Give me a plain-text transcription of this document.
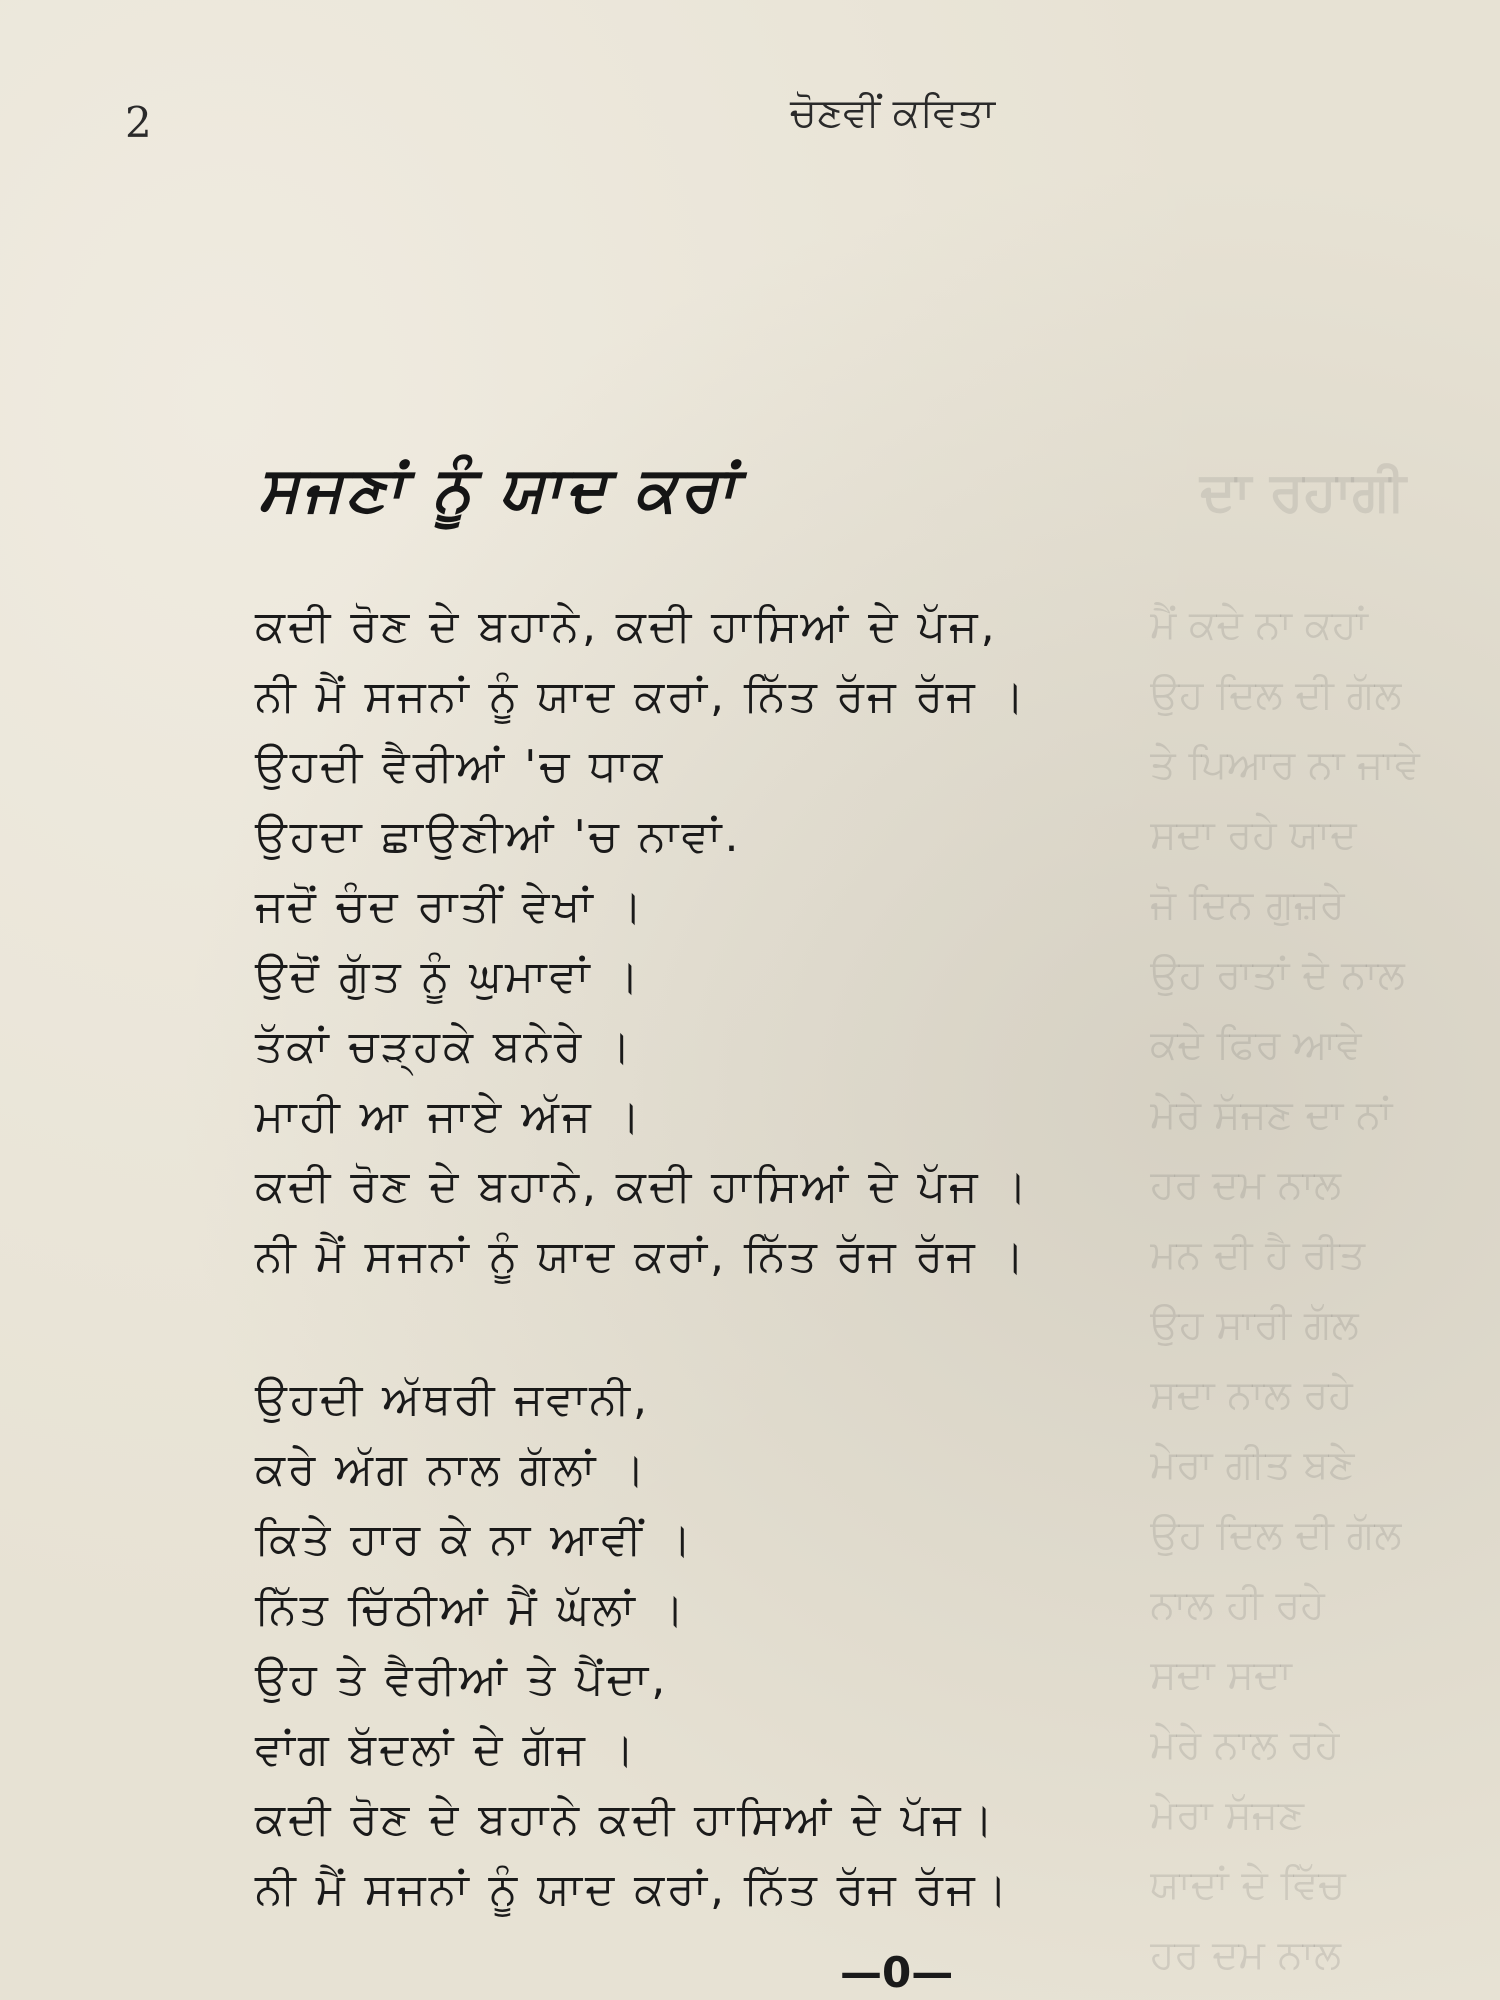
ਦਾ ਰਹਾਗੀ
ਮੈਂ ਕਦੇ ਨਾ ਕਹਾਂ
ਉਹ ਦਿਲ ਦੀ ਗੱਲ
ਤੇ ਪਿਆਰ ਨਾ ਜਾਵੇ
ਸਦਾ ਰਹੇ ਯਾਦ
ਜੋ ਦਿਨ ਗੁਜ਼ਰੇ
ਉਹ ਰਾਤਾਂ ਦੇ ਨਾਲ
ਕਦੇ ਫਿਰ ਆਵੇ
ਮੇਰੇ ਸੱਜਣ ਦਾ ਨਾਂ
ਹਰ ਦਮ ਨਾਲ
ਮਨ ਦੀ ਹੈ ਰੀਤ
ਉਹ ਸਾਰੀ ਗੱਲ
ਸਦਾ ਨਾਲ ਰਹੇ
ਮੇਰਾ ਗੀਤ ਬਣੇ
ਉਹ ਦਿਲ ਦੀ ਗੱਲ
ਨਾਲ ਹੀ ਰਹੇ
ਸਦਾ ਸਦਾ
ਮੇਰੇ ਨਾਲ ਰਹੇ
ਮੇਰਾ ਸੱਜਣ
ਯਾਦਾਂ ਦੇ ਵਿੱਚ
ਹਰ ਦਮ ਨਾਲ
2	ਚੋਣਵੀਂ ਕਵਿਤਾ
ਸਜਣਾਂ ਨੂੰ ਯਾਦ ਕਰਾਂ
ਕਦੀ ਰੋਣ ਦੇ ਬਹਾਨੇ, ਕਦੀ ਹਾਸਿਆਂ ਦੇ ਪੱਜ,
ਨੀ ਮੈਂ ਸਜਨਾਂ ਨੂੰ ਯਾਦ ਕਰਾਂ, ਨਿੱਤ ਰੱਜ ਰੱਜ ।
ਉਹਦੀ ਵੈਰੀਆਂ 'ਚ ਧਾਕ
ਉਹਦਾ ਛਾਉਣੀਆਂ 'ਚ ਨਾਵਾਂ.
ਜਦੋਂ ਚੰਦ ਰਾਤੀਂ ਵੇਖਾਂ ।
ਉਦੋਂ ਗੁੱਤ ਨੂੰ ਘੁਮਾਵਾਂ ।
ਤੱਕਾਂ ਚੜ੍ਹਕੇ ਬਨੇਰੇ ।
ਮਾਹੀ ਆ ਜਾਏ ਅੱਜ ।
ਕਦੀ ਰੋਣ ਦੇ ਬਹਾਨੇ, ਕਦੀ ਹਾਸਿਆਂ ਦੇ ਪੱਜ ।
ਨੀ ਮੈਂ ਸਜਨਾਂ ਨੂੰ ਯਾਦ ਕਰਾਂ, ਨਿੱਤ ਰੱਜ ਰੱਜ ।
ਉਹਦੀ ਅੱਥਰੀ ਜਵਾਨੀ,
ਕਰੇ ਅੱਗ ਨਾਲ ਗੱਲਾਂ ।
ਕਿਤੇ ਹਾਰ ਕੇ ਨਾ ਆਵੀਂ ।
ਨਿੱਤ ਚਿੱਠੀਆਂ ਮੈਂ ਘੱਲਾਂ ।
ਉਹ ਤੇ ਵੈਰੀਆਂ ਤੇ ਪੈਂਦਾ,
ਵਾਂਗ ਬੱਦਲਾਂ ਦੇ ਗੱਜ ।
ਕਦੀ ਰੋਣ ਦੇ ਬਹਾਨੇ ਕਦੀ ਹਾਸਿਆਂ ਦੇ ਪੱਜ।
ਨੀ ਮੈਂ ਸਜਨਾਂ ਨੂੰ ਯਾਦ ਕਰਾਂ, ਨਿੱਤ ਰੱਜ ਰੱਜ।
—0—
